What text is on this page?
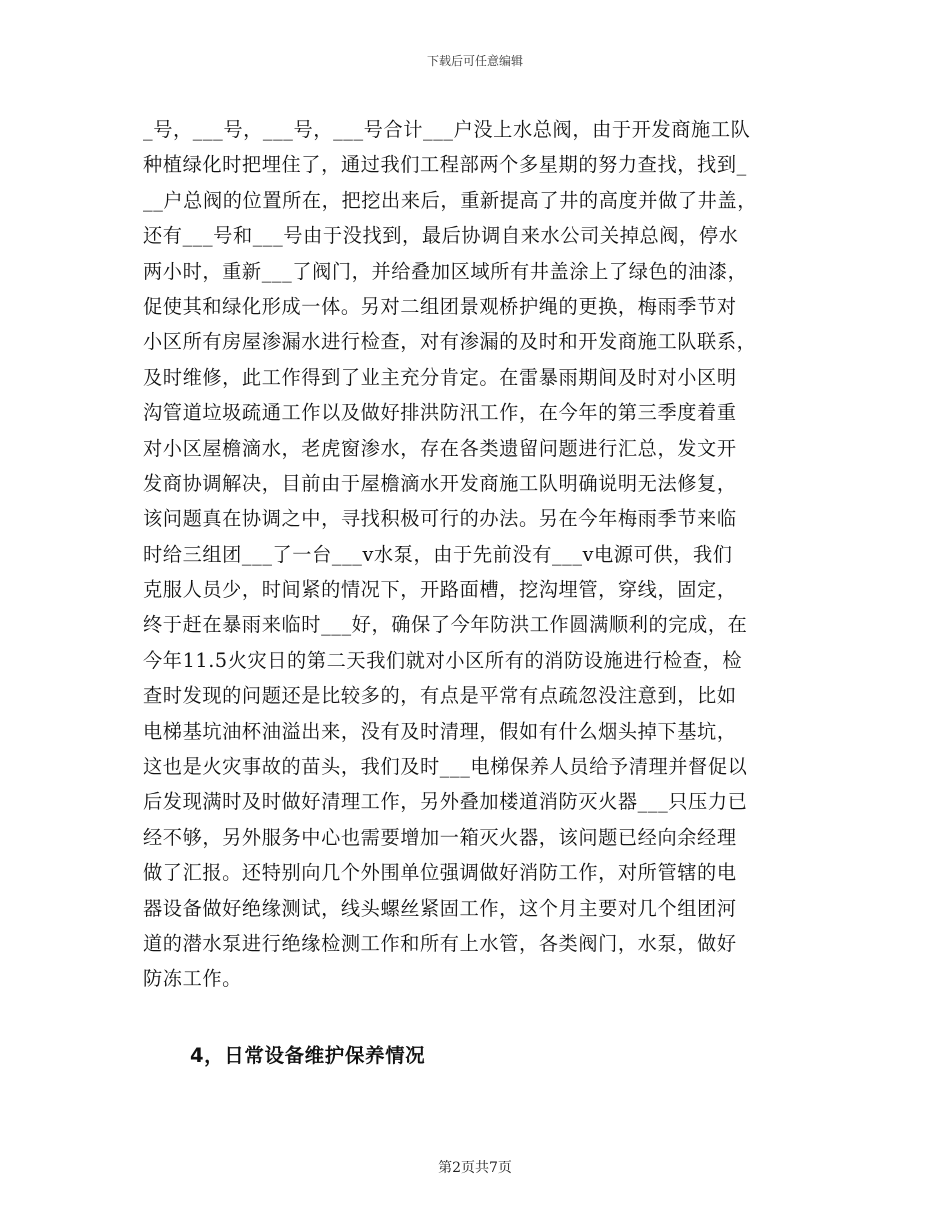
下载后可任意编辑
_号，___号，___号，___号合计___户没上水总阀，由于开发商施工队
种植绿化时把埋住了，通过我们工程部两个多星期的努力查找，找到_
__户总阀的位置所在，把挖出来后，重新提高了井的高度并做了井盖，
还有___号和___号由于没找到，最后协调自来水公司关掉总阀，停水
两小时，重新___了阀门，并给叠加区域所有井盖涂上了绿色的油漆，
促使其和绿化形成一体。另对二组团景观桥护绳的更换，梅雨季节对
小区所有房屋渗漏水进行检查，对有渗漏的及时和开发商施工队联系，
及时维修，此工作得到了业主充分肯定。在雷暴雨期间及时对小区明
沟管道垃圾疏通工作以及做好排洪防汛工作，在今年的第三季度着重
对小区屋檐滴水，老虎窗渗水，存在各类遗留问题进行汇总，发文开
发商协调解决，目前由于屋檐滴水开发商施工队明确说明无法修复，
该问题真在协调之中，寻找积极可行的办法。另在今年梅雨季节来临
时给三组团___了一台___v水泵，由于先前没有___v电源可供，我们
克服人员少，时间紧的情况下，开路面槽，挖沟埋管，穿线，固定，
终于赶在暴雨来临时___好，确保了今年防洪工作圆满顺利的完成，在
今年11.5火灾日的第二天我们就对小区所有的消防设施进行检查，检
查时发现的问题还是比较多的，有点是平常有点疏忽没注意到，比如
电梯基坑油杯油溢出来，没有及时清理，假如有什么烟头掉下基坑，
这也是火灾事故的苗头，我们及时___电梯保养人员给予清理并督促以
后发现满时及时做好清理工作，另外叠加楼道消防灭火器___只压力已
经不够，另外服务中心也需要增加一箱灭火器，该问题已经向余经理
做了汇报。还特别向几个外围单位强调做好消防工作，对所管辖的电
器设备做好绝缘测试，线头螺丝紧固工作，这个月主要对几个组团河
道的潜水泵进行绝缘检测工作和所有上水管，各类阀门，水泵，做好
防冻工作。
4，日常设备维护保养情况
第2页共7页
